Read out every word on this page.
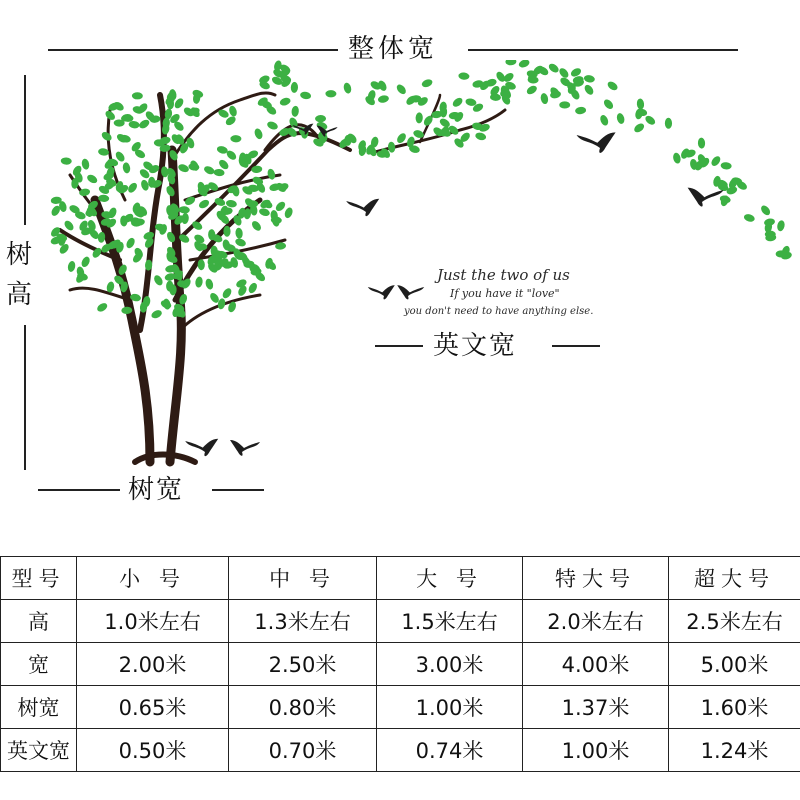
整体宽
树
高
Just the two of us
If you have it "love"
you don't need to have anything else.
英文宽
树宽
型号	小 号	中 号	大 号	特大号	超大号
高	1.0米左右	1.3米左右	1.5米左右	2.0米左右	2.5米左右
宽	2.00米	2.50米	3.00米	4.00米	5.00米
树宽	0.65米	0.80米	1.00米	1.37米	1.60米
英文宽	0.50米	0.70米	0.74米	1.00米	1.24米
